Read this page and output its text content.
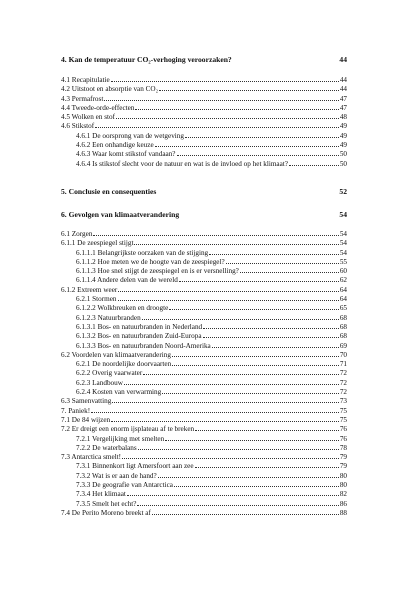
4. Kan de temperatuur CO₂-verhoging veroorzaken?	44
4.1 Recapitulatie	44
4.2 Uitstoot en absorptie van CO₂	44
4.3 Permafrost	47
4.4 Tweede-orde-effecten	47
4.5 Wolken en stof	48
4.6 Stikstof	49
4.6.1 De oorsprong van de wetgeving	49
4.6.2 Een onhandige keuze	49
4.6.3 Waar komt stikstof vandaan?	50
4.6.4 Is stikstof slecht voor de natuur en wat is de invloed op het klimaat?	50
5. Conclusie en consequenties	52
6. Gevolgen van klimaatverandering	54
6.1 Zorgen	54
6.1.1 De zeespiegel stijgt	54
6.1.1.1 Belangrijkste oorzaken van de stijging	54
6.1.1.2 Hoe meten we de hoogte van de zeespiegel?	55
6.1.1.3 Hoe snel stijgt de zeespiegel en is er versnelling?	60
6.1.1.4 Andere delen van de wereld	62
6.1.2 Extreem weer	64
6.2.1 Stormen	64
6.1.2.2 Wolkbreuken en droogte	65
6.1.2.3 Natuurbranden	68
6.1.3.1 Bos- en natuurbranden in Nederland	68
6.1.3.2 Bos- en natuurbranden Zuid-Europa	68
6.1.3.3 Bos- en natuurbranden Noord-Amerika	69
6.2 Voordelen van klimaatverandering	70
6.2.1 De noordelijke doorvaarten	71
6.2.2 Overig vaarwater	72
6.2.3 Landbouw	72
6.2.4 Kosten van verwarming	72
6.3 Samenvatting	73
7. Paniek!	75
7.1 De 84 wijzen	75
7.2 Er dreigt een enorm ijsplateau af te breken	76
7.2.1 Vergelijking met smelten	76
7.2.2 De waterbalans	78
7.3 Antarctica smelt!	79
7.3.1 Binnenkort ligt Amersfoort aan zee	79
7.3.2 Wat is er aan de hand?	80
7.3.3 De geografie van Antarctica	80
7.3.4 Het klimaat	82
7.3.5 Smelt het echt?	86
7.4 De Perito Moreno breekt af	88
